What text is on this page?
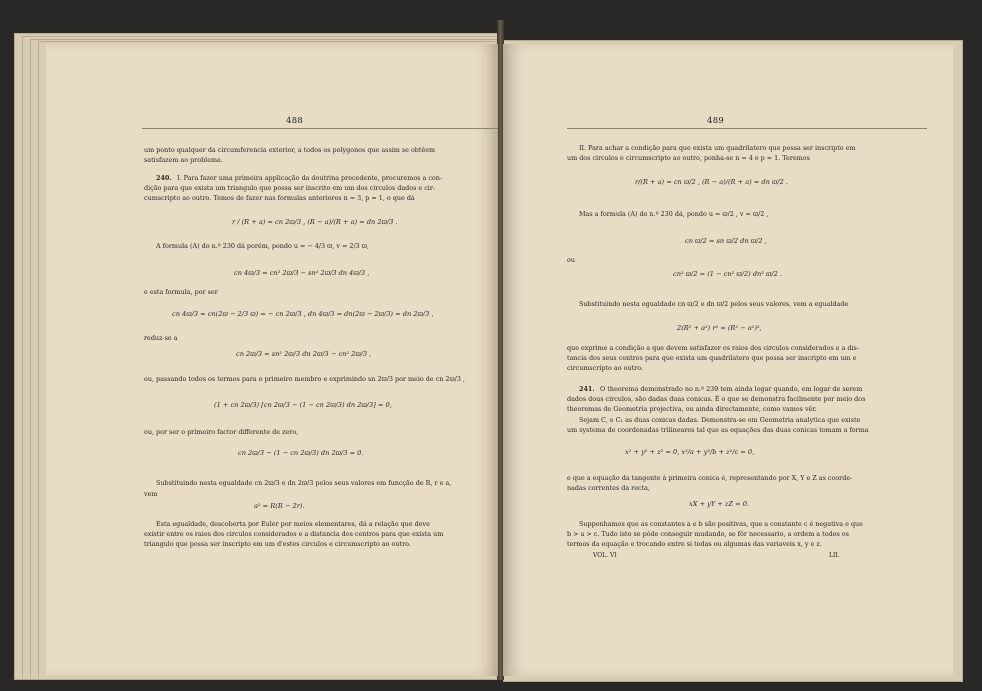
488
um ponto qualquer da circumferencia exterior, a todos os polygonos que assim se obtêem
satisfazem ao problema.
240. I. Para fazer uma primeira applicação da doutrina precedente, procuremos a con-
dição para que exista um triangulo que possa ser inscrito em um dos circulos dados e cir-
cumscripto ao outro. Temos de fazer nas formulas anteriores n = 3, p = 1, o que dá
r / (R + a) = cn 2ϖ/3 , (R − a)/(R + a) = dn 2ϖ/3 .
A formula (A) do n.º 230 dá porém, pondo u = − 4/3 ϖ, v = 2/3 ϖ,
cn 4ϖ/3 = cn² 2ϖ/3 − sn² 2ϖ/3 dn 4ϖ/3 ,
e esta formula, por ser
cn 4ϖ/3 = cn(2ϖ − 2/3 ϖ) = − cn 2ϖ/3 , dn 4ϖ/3 = dn(2ϖ − 2ϖ/3) = dn 2ϖ/3 ,
reduz-se a
cn 2ϖ/3 = sn² 2ϖ/3 dn 2ϖ/3 − cn² 2ϖ/3 ,
ou, passando todos os termos para o primeiro membro e exprimindo sn 2ϖ/3 por meio de cn 2ϖ/3 ,
(1 + cn 2ϖ/3) [cn 2ϖ/3 − (1 − cn 2ϖ/3) dn 2ϖ/3] = 0,
ou, por ser o primeiro factor differente de zero,
cn 2ϖ/3 − (1 − cn 2ϖ/3) dn 2ϖ/3 = 0.
Substituindo nesta egualdade cn 2ϖ/3 e dn 2ϖ/3 pelos seus valores em funcção de R, r e a,
vem
a² = R(R − 2r).
Esta egualdade, descoberta por Euler por meios elementares, dá a relação que deve
existir entre os raios dos circulos considerados e a distancia dos centros para que exista um
triangulo que possa ser inscripto em um d'estes circulos e circumscripto ao outro.
489
II. Para achar a condição para que exista um quadrilatero que possa ser inscripto em
um dos circulos e circumscripto ao outro, ponha-se n = 4 e p = 1. Teremos
r/(R + a) = cn ϖ/2 , (R − a)/(R + a) = dn ϖ/2 .
Mas a formula (A) do n.º 230 dá, pondo u = ϖ/2 , v = ϖ/2 ,
cn ϖ/2 = sn ϖ/2 dn ϖ/2 ,
ou
cn² ϖ/2 = (1 − cn² ϖ/2) dn² ϖ/2 .
Substituindo nesta egualdade cn ϖ/2 e dn ϖ/2 pelos seus valores, vem a egualdade
2(R² + a²) r² = (R² − a²)²,
que exprime a condição a que devem satisfazer os raios dos circulos considerados e a dis-
tancia dos seus centros para que exista um quadrilatero que possa ser inscripto em um e
circumscripto ao outro.
241. O theorema demonstrado no n.º 239 tem ainda logar quando, em logar de serem
dados dous circulos, são dadas duas conicas. É o que se demonstra facilmente por meio dos
theoremas de Geometria projectiva, ou ainda directamente, como vamos vêr.
Sejam C, e C₁ as duas conicas dadas. Demonstra-se em Geometria analytica que existe
um systema de coordenadas trilineares tal que as equações das duas conicas tomam a forma
x² + y² + z² = 0, x²/a + y²/b + z²/c = 0,
e que a equação da tangente á primeira conica é, representando por X, Y e Z as coorde-
nadas correntes da recta,
xX + yY + zZ = 0.
Supponhamos que as constantes a e b são positivas, que a constante c é negativa e que
b > a > c. Tudo isto se póde conseguir mudando, se fôr necessario, a ordem a todos os
termos da equação e trocando entre si todas ou algumas das variaveis x, y e z.
LII.
VOL. VI
